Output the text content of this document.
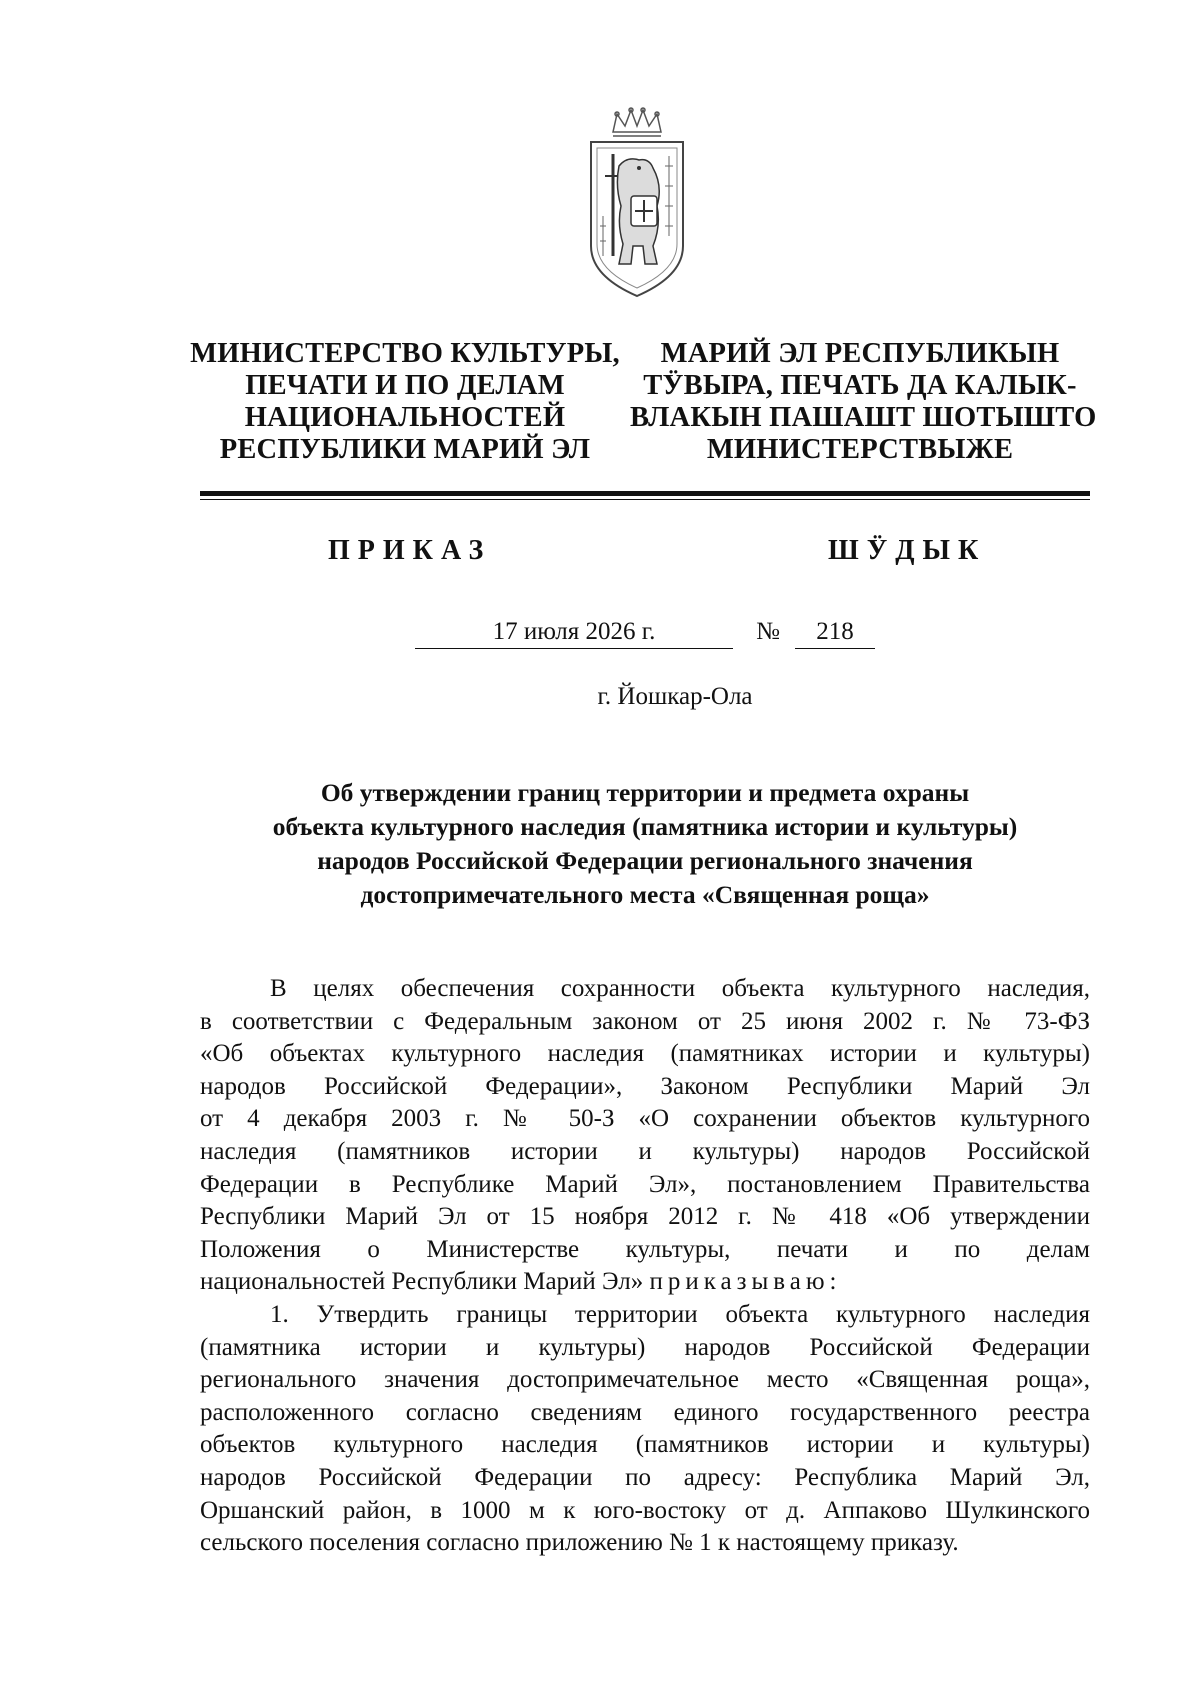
МИНИСТЕРСТВО КУЛЬТУРЫ,
ПЕЧАТИ И ПО ДЕЛАМ
НАЦИОНАЛЬНОСТЕЙ
РЕСПУБЛИКИ МАРИЙ ЭЛ
МАРИЙ ЭЛ РЕСПУБЛИКЫН
ТӰВЫРА, ПЕЧАТЬ ДА КАЛЫК-
ВЛАКЫН ПАШАШТ ШОТЫШТО
МИНИСТЕРСТВЫЖЕ
ПРИКАЗ	ШӰДЫК
17 июля 2026 г.	№	218
г. Йошкар-Ола
Об утверждении границ территории и предмета охраны
объекта культурного наследия (памятника истории и культуры)
народов Российской Федерации регионального значения
достопримечательного места «Священная роща»
В целях обеспечения сохранности объекта культурного наследия,
в соответствии с Федеральным законом от 25 июня 2002 г. № 73-ФЗ
«Об объектах культурного наследия (памятниках истории и культуры)
народов Российской Федерации», Законом Республики Марий Эл
от 4 декабря 2003 г. № 50-З «О сохранении объектов культурного
наследия (памятников истории и культуры) народов Российской
Федерации в Республике Марий Эл», постановлением Правительства
Республики Марий Эл от 15 ноября 2012 г. № 418 «Об утверждении
Положения о Министерстве культуры, печати и по делам
национальностей Республики Марий Эл» приказываю:
1. Утвердить границы территории объекта культурного наследия
(памятника истории и культуры) народов Российской Федерации
регионального значения достопримечательное место «Священная роща»,
расположенного согласно сведениям единого государственного реестра
объектов культурного наследия (памятников истории и культуры)
народов Российской Федерации по адресу: Республика Марий Эл,
Оршанский район, в 1000 м к юго-востоку от д. Аппаково Шулкинского
сельского поселения согласно приложению № 1 к настоящему приказу.
